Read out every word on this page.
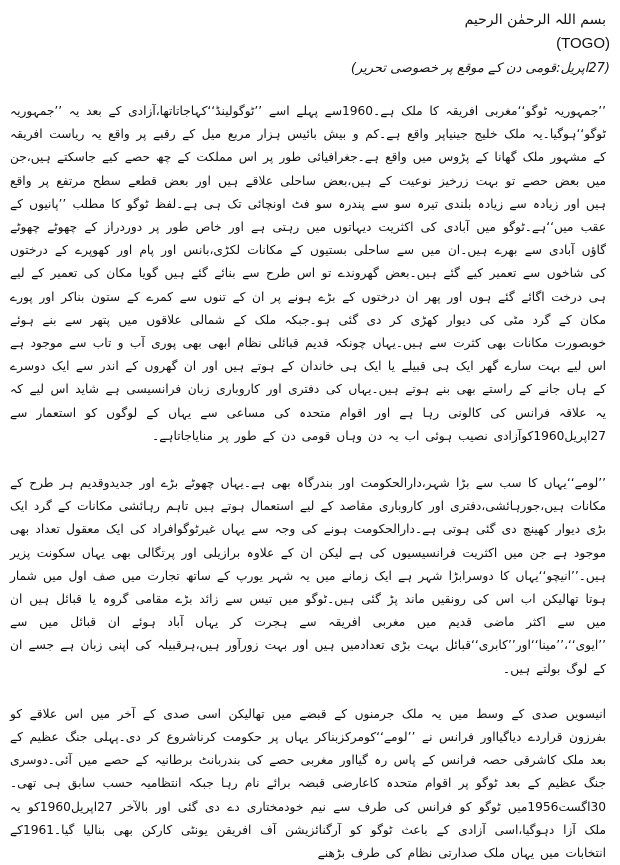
بسم اللہ الرحمٰن الرحیم
(TOGO)
(27اپریل:قومی دن کے موقع پر خصوصی تحریر)

’’جمہوریہ ٹوگو‘‘مغربی افریقہ کا ملک ہے۔1960سے پہلے اسے ’’ٹوگولینڈ‘‘کہاجاتاتھا،آزادی کے بعد یہ ’’جمہوریہ ٹوگو‘‘ہوگیا۔یہ ملک خلیج جینیاپر واقع ہے۔کم و بیش بائیس ہزار مربع میل کے رقبے پر واقع یہ ریاست افریقہ کے مشہور ملک گھانا کے پڑوس میں واقع ہے۔جغرافیائی طور پر اس مملکت کے چھ حصے کیے جاسکتے ہیں،جن میں بعض حصے تو بہت زرخیز نوعیت کے ہیں،بعض ساحلی علاقے ہیں اور بعض قطعے سطح مرتفع پر واقع ہیں اور زیادہ سے زیادہ بلندی تیرہ سو سے پندرہ سو فٹ اونچائی تک ہی ہے۔لفظ ٹوگو کا مطلب ’’پانیوں کے عقب میں‘‘ہے۔ٹوگو میں آبادی کی اکثریت دیہاتوں میں رہتی ہے اور خاص طور پر دوردراز کے چھوٹے چھوٹے گاؤں آبادی سے بھرے ہیں۔ان میں سے ساحلی بستیوں کے مکانات لکڑی،بانس اور پام اور کھوپرے کے درختوں کی شاخوں سے تعمیر کیے گئے ہیں۔بعض گھروندے تو اس طرح سے بنائے گئے ہیں گویا مکان کی تعمیر کے لیے ہی درخت اگائے گئے ہوں اور پھر ان درختوں کے بڑے ہونے پر ان کے تنوں سے کمرے کے ستون بناکر اور پورے مکان کے گرد مٹی کی دیوار کھڑی کر دی گئی ہو۔جبکہ ملک کے شمالی علاقوں میں پتھر سے بنے ہوئے خوبصورت مکانات بھی کثرت سے ہیں۔یہاں چونکہ قدیم قبائلی نظام ابھی بھی پوری آب و تاب سے موجود ہے اس لیے بہت سارے گھر ایک ہی قبیلے یا ایک ہی خاندان کے ہوتے ہیں اور ان گھروں کے اندر سے ایک دوسرے کے ہاں جانے کے راستے بھی بنے ہوتے ہیں۔یہاں کی دفتری اور کاروباری زبان فرانسیسی ہے شاید اس لیے کہ یہ علاقہ فرانس کی کالونی رہا ہے اور اقوام متحدہ کی مساعی سے یہاں کے لوگوں کو استعمار سے 27اپریل1960کوآزادی نصیب ہوئی اب یہ دن وہاں قومی دن کے طور پر منایاجاتاہے۔

’’لومے‘‘یہاں کا سب سے بڑا شہر،دارالحکومت اور بندرگاہ بھی ہے۔یہاں چھوٹے بڑے اور جدیدوقدیم ہر طرح کے مکانات ہیں،جورہائشی،دفتری اور کاروباری مقاصد کے لیے استعمال ہوتے ہیں تاہم رہائشی مکانات کے گرد ایک بڑی دیوار کھینچ دی گئی ہوتی ہے۔دارالحکومت ہونے کی وجہ سے یہاں غیرٹوگوافراد کی ایک معقول تعداد بھی موجود ہے جن میں اکثریت فرانسیسیوں کی ہے لیکن ان کے علاوہ برازیلی اور پرتگالی بھی یہاں سکونت پزیر ہیں۔’’انیچو‘‘یہاں کا دوسرابڑا شہر ہے ایک زمانے میں یہ شہر یورپ کے ساتھ تجارت میں صف اول میں شمار ہوتا تھالیکن اب اس کی رونقیں ماند پڑ گئی ہیں۔ٹوگو میں تیس سے زائد بڑے مقامی گروہ یا قبائل ہیں ان میں سے اکثر ماضی قدیم میں مغربی افریقہ سے ہجرت کر یہاں آباد ہوئے ان قبائل میں سے ’’ایوی‘‘،’’مینا‘‘اور’’کابری‘‘قبائل بہت بڑی تعدادمیں ہیں اور بہت زورآور ہیں،ہرقبیلہ کی اپنی زبان ہے جسے ان کے لوگ بولتے ہیں۔

انیسویں صدی کے وسط میں یہ ملک جرمنوں کے قبضے میں تھالیکن اسی صدی کے آخر میں اس علاقے کو بفرزون قراردے دیاگیااور فرانس نے ’’لومے‘‘کومرکزبناکر یہاں پر حکومت کرناشروع کر دی۔پہلی جنگ عظیم کے بعد ملک کاشرقی حصہ فرانس کے پاس رہ گیااور مغربی حصے کی بندربانٹ برطانیہ کے حصے میں آئی۔دوسری جنگ عظیم کے بعد ٹوگو پر اقوام متحدہ کاعارضی قبضہ برائے نام رہا جبکہ انتظامیہ حسب سابق ہی تھی۔30اگست1956میں ٹوگو کو فرانس کی طرف سے نیم خودمختاری دے دی گئی اور بالآخر 27اپریل1960کو یہ ملک آزا دہوگیا،اسی آزادی کے باعث ٹوگو کو آرگنائزیشن آف افریقن یونٹی کارکن بھی بنالیا گیا۔1961کے انتخابات میں یہاں ملک صدارتی نظام کی طرف بڑھنے
